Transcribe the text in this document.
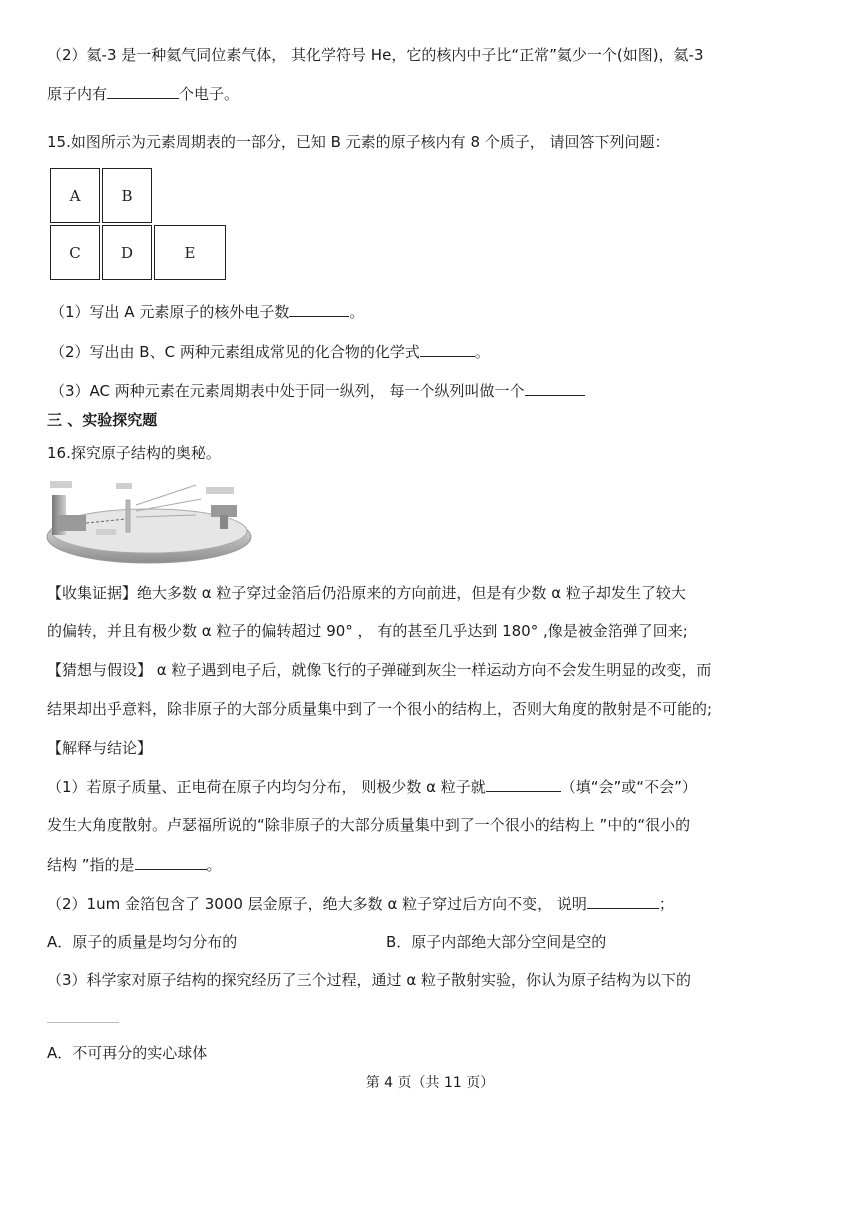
（2）氦-3 是一种氦气同位素气体， 其化学符号 He，它的核内中子比“正常”氦少一个(如图)，氦-3
原子内有	个电子。
15.如图所示为元素周期表的一部分，已知 B 元素的原子核内有 8 个质子， 请回答下列问题：
A	B
C	D	E
（1）写出 A 元素原子的核外电子数	。
（2）写出由 B、C 两种元素组成常见的化合物的化学式	。
（3）AC 两种元素在元素周期表中处于同一纵列， 每一个纵列叫做一个
三 、实验探究题
16.探究原子结构的奥秘。
【收集证据】绝大多数 α 粒子穿过金箔后仍沿原来的方向前进，但是有少数 α 粒子却发生了较大
的偏转，并且有极少数 α 粒子的偏转超过 90° ， 有的甚至几乎达到 180° ,像是被金箔弹了回来;
【猜想与假设】 α 粒子遇到电子后，就像飞行的子弹碰到灰尘一样运动方向不会发生明显的改变，而
结果却出乎意料，除非原子的大部分质量集中到了一个很小的结构上，否则大角度的散射是不可能的;
【解释与结论】
（1）若原子质量、正电荷在原子内均匀分布， 则极少数 α 粒子就	（填“会”或“不会”）
发生大角度散射。卢瑟福所说的“除非原子的大部分质量集中到了一个很小的结构上 ”中的“很小的
结构 ”指的是	。
（2）1um 金箔包含了 3000 层金原子，绝大多数 α 粒子穿过后方向不变， 说明	；
A．原子的质量是均匀分布的	B．原子内部绝大部分空间是空的
（3）科学家对原子结构的探究经历了三个过程，通过 α 粒子散射实验，你认为原子结构为以下的
A．不可再分的实心球体
第 4 页（共 11 页）
